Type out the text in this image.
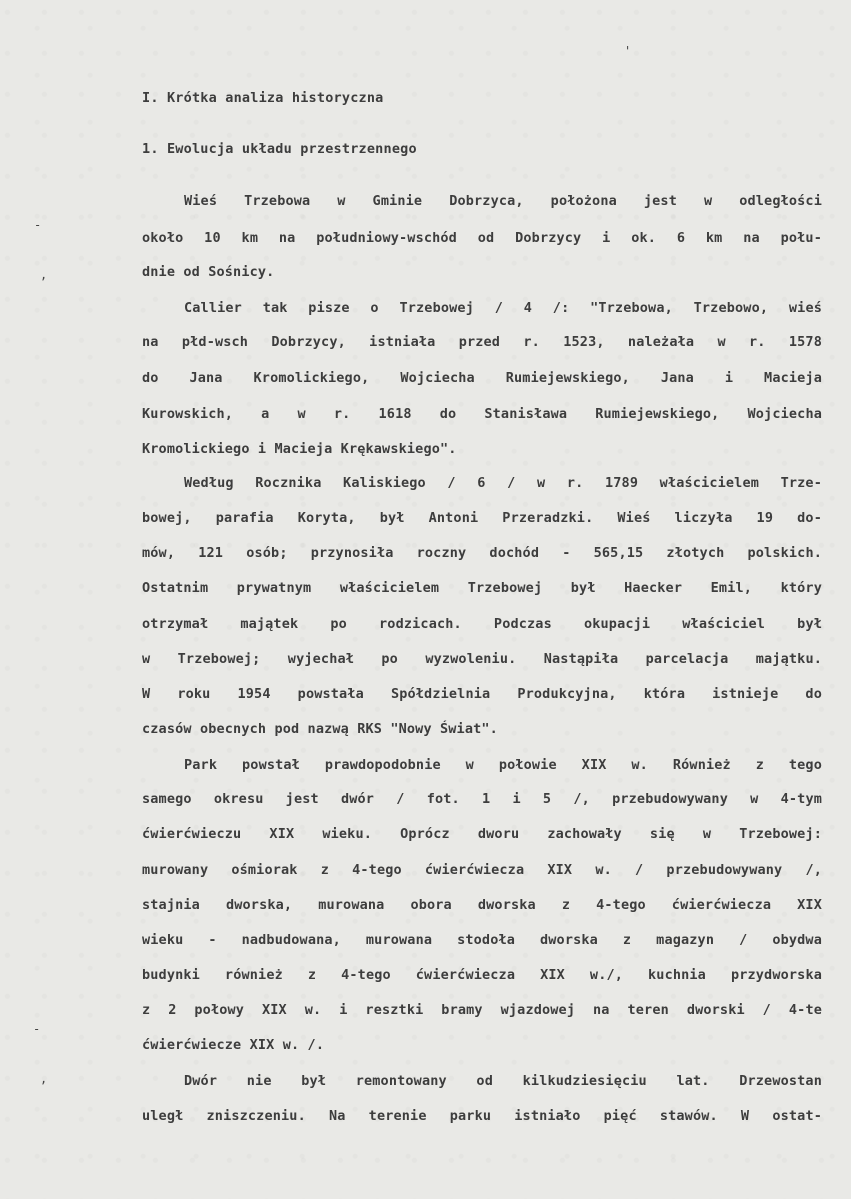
'
-
,
-
,
I. Krótka analiza historyczna
1. Ewolucja układu przestrzennego
Wieś Trzebowa w Gminie Dobrzyca, położona jest w odległości
około 10 km na południowy-wschód od Dobrzycy i ok. 6 km na połu-
dnie od Sośnicy.
Callier tak pisze o Trzebowej / 4 /: "Trzebowa, Trzebowo, wieś
na płd-wsch Dobrzycy, istniała przed r. 1523, należała w r. 1578
do Jana Kromolickiego, Wojciecha Rumiejewskiego, Jana i Macieja
Kurowskich, a w r. 1618 do Stanisława Rumiejewskiego, Wojciecha
Kromolickiego i Macieja Krękawskiego".
Według Rocznika Kaliskiego / 6 / w r. 1789 właścicielem Trze-
bowej, parafia Koryta, był Antoni Przeradzki. Wieś liczyła 19 do-
mów, 121 osób; przynosiła roczny dochód - 565,15 złotych polskich.
Ostatnim prywatnym właścicielem Trzebowej był Haecker Emil, który
otrzymał majątek po rodzicach. Podczas okupacji właściciel był
w Trzebowej; wyjechał po wyzwoleniu. Nastąpiła parcelacja majątku.
W roku 1954 powstała Spółdzielnia Produkcyjna, która istnieje do
czasów obecnych pod nazwą RKS "Nowy Świat".
Park powstał prawdopodobnie w połowie XIX w. Również z tego
samego okresu jest dwór / fot. 1 i 5 /, przebudowywany w 4-tym
ćwierćwieczu XIX wieku. Oprócz dworu zachowały się w Trzebowej:
murowany ośmiorak z 4-tego ćwierćwiecza XIX w. / przebudowywany /,
stajnia dworska, murowana obora dworska z 4-tego ćwierćwiecza XIX
wieku - nadbudowana, murowana stodoła dworska z magazyn / obydwa
budynki również z 4-tego ćwierćwiecza XIX w./, kuchnia przydworska
z 2 połowy XIX w. i resztki bramy wjazdowej na teren dworski / 4-te
ćwierćwiecze XIX w. /.
Dwór nie był remontowany od kilkudziesięciu lat. Drzewostan
uległ zniszczeniu. Na terenie parku istniało pięć stawów. W ostat-
